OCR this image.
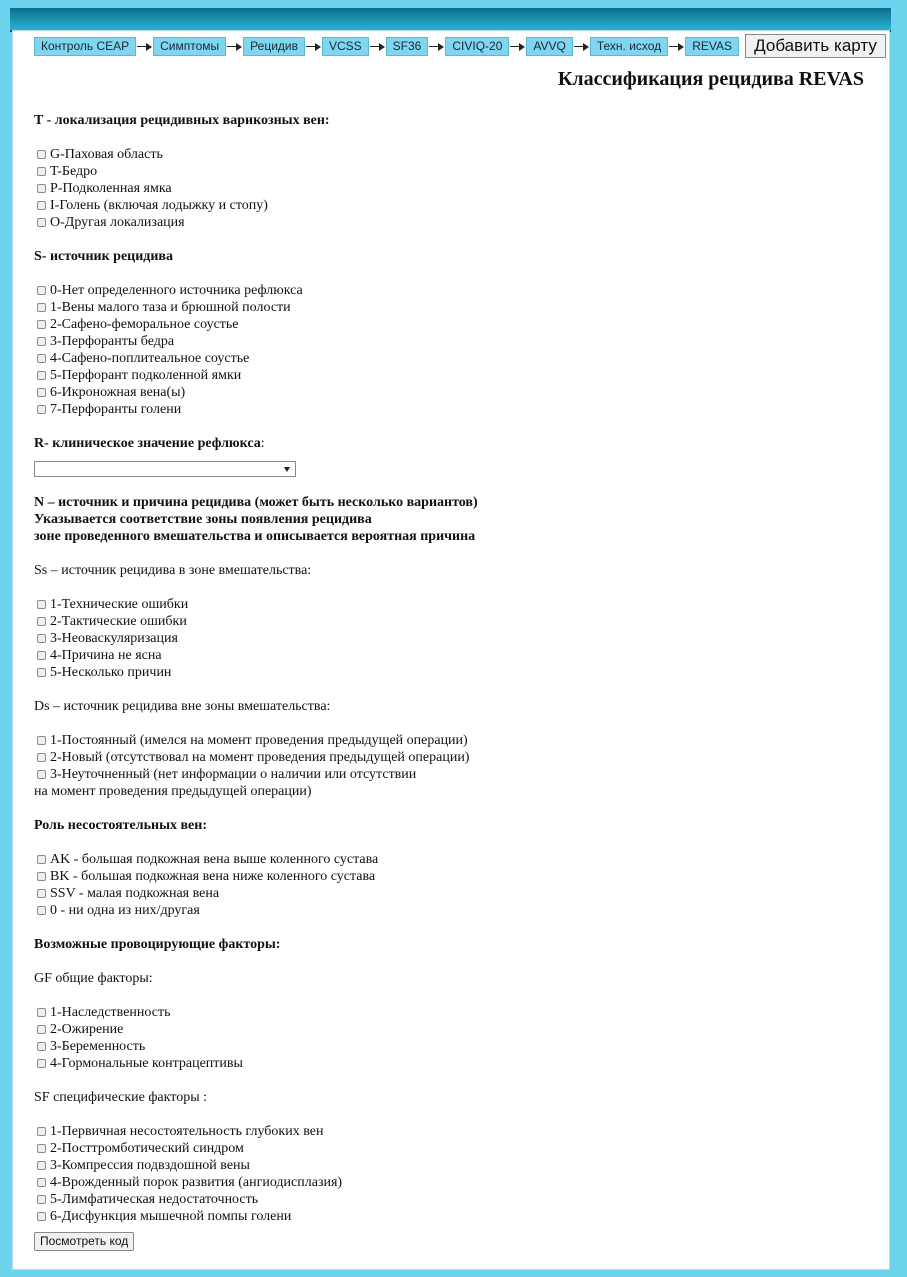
Контроль CEAP	Симптомы	Рецидив	VCSS	SF36	CIVIQ-20	AVVQ	Техн. исход	REVAS	Добавить карту
Классификация рецидива REVAS
T - локализация рецидивных варикозных вен:
G-Паховая область
T-Бедро
P-Подколенная ямка
I-Голень (включая лодыжку и стопу)
O-Другая локализация
S- источник рецидива
0-Нет определенного источника рефлюкса
1-Вены малого таза и брюшной полости
2-Сафено-феморальное соустье
3-Перфоранты бедра
4-Сафено-поплитеальное соустье
5-Перфорант подколенной ямки
6-Икроножная вена(ы)
7-Перфоранты голени
R- клиническое значение рефлюкса:
N – источник и причина рецидива (может быть несколько вариантов)
Указывается соответствие зоны появления рецидива
зоне проведенного вмешательства и описывается вероятная причина
Ss – источник рецидива в зоне вмешательства:
1-Технические ошибки
2-Тактические ошибки
3-Неоваскуляризация
4-Причина не ясна
5-Несколько причин
Ds – источник рецидива вне зоны вмешательства:
1-Постоянный (имелся на момент проведения предыдущей операции)
2-Новый (отсутствовал на момент проведения предыдущей операции)
3-Неуточненный (нет информации о наличии или отсутствии
на момент проведения предыдущей операции)
Роль несостоятельных вен:
AK - большая подкожная вена выше коленного сустава
BK - большая подкожная вена ниже коленного сустава
SSV - малая подкожная вена
0 - ни одна из них/другая
Возможные провоцирующие факторы:
GF общие факторы:
1-Наследственность
2-Ожирение
3-Беременность
4-Гормональные контрацептивы
SF специфические факторы :
1-Первичная несостоятельность глубоких вен
2-Посттромботический синдром
3-Компрессия подвздошной вены
4-Врожденный порок развития (ангиодисплазия)
5-Лимфатическая недостаточность
6-Дисфункция мышечной помпы голени
Посмотреть код
